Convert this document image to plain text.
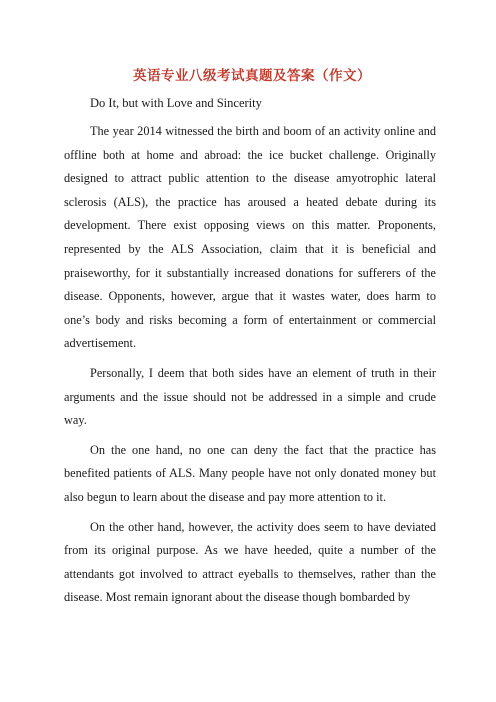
英语专业八级考试真题及答案（作文）
Do It, but with Love and Sincerity

The year 2014 witnessed the birth and boom of an activity online and offline both at home and abroad: the ice bucket challenge. Originally designed to attract public attention to the disease amyotrophic lateral sclerosis (ALS), the practice has aroused a heated debate during its development. There exist opposing views on this matter. Proponents, represented by the ALS Association, claim that it is beneficial and praiseworthy, for it substantially increased donations for sufferers of the disease. Opponents, however, argue that it wastes water, does harm to one’s body and risks becoming a form of entertainment or commercial advertisement.

Personally, I deem that both sides have an element of truth in their arguments and the issue should not be addressed in a simple and crude way.

On the one hand, no one can deny the fact that the practice has benefited patients of ALS. Many people have not only donated money but also begun to learn about the disease and pay more attention to it.

On the other hand, however, the activity does seem to have deviated from its original purpose. As we have heeded, quite a number of the attendants got involved to attract eyeballs to themselves, rather than the disease. Most remain ignorant about the disease though bombarded by
